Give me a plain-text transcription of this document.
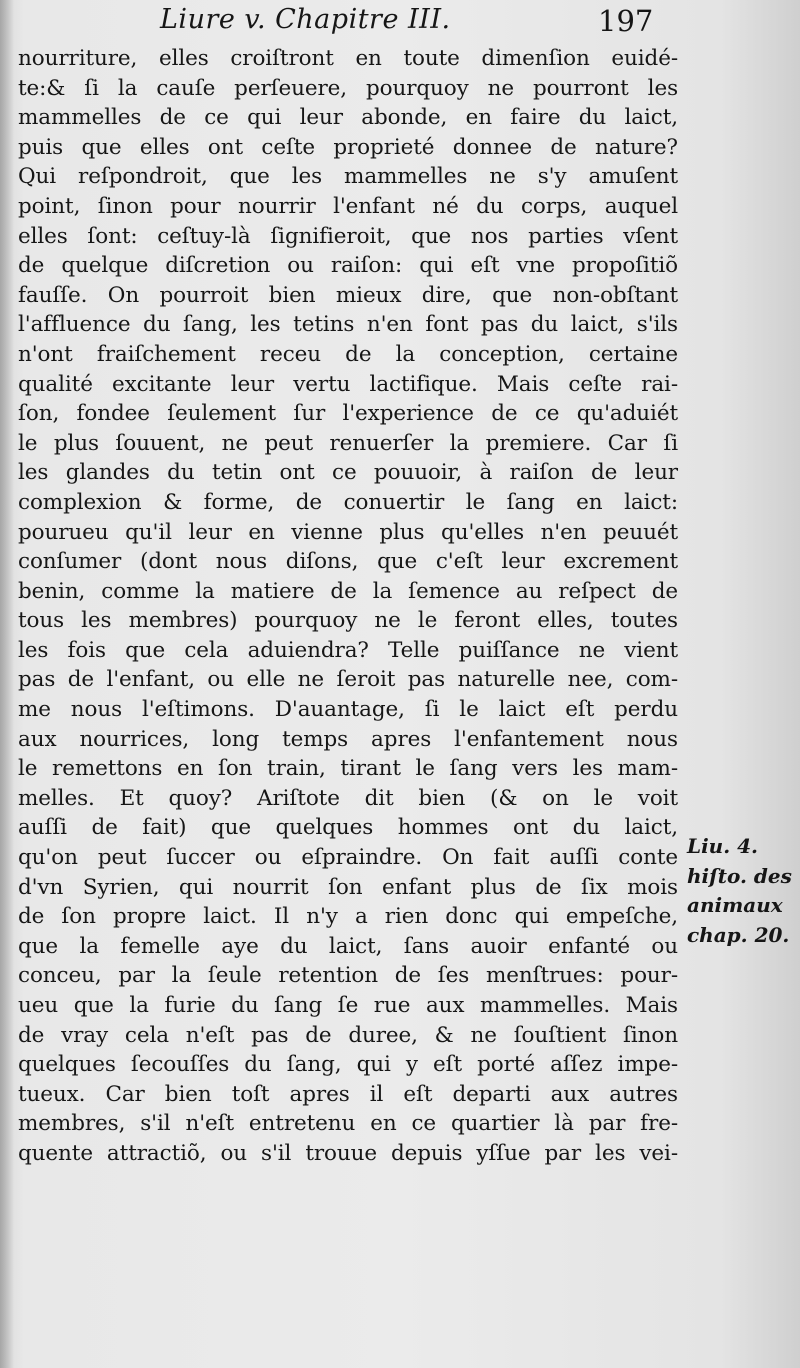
Liure v. Chapitre III.	197
nourriture, elles croiſtront en toute dimenſion euidé-
te:& ſi la cauſe perſeuere, pourquoy ne pourront les
mammelles de ce qui leur abonde, en faire du laict,
puis que elles ont ceſte proprieté donnee de nature?
Qui reſpondroit, que les mammelles ne s'y amuſent
point, ſinon pour nourrir l'enfant né du corps, auquel
elles ſont: ceſtuy-là ſignifieroit, que nos parties vſent
de quelque diſcretion ou raiſon: qui eſt vne propoſitiõ
fauſſe. On pourroit bien mieux dire, que non-obſtant
l'affluence du ſang, les tetins n'en font pas du laict, s'ils
n'ont fraiſchement receu de la conception, certaine
qualité excitante leur vertu lactifique. Mais ceſte rai-
ſon, fondee ſeulement ſur l'experience de ce qu'aduiét
le plus ſouuent, ne peut renuerſer la premiere. Car ſi
les glandes du tetin ont ce pouuoir, à raiſon de leur
complexion & forme, de conuertir le ſang en laict:
pourueu qu'il leur en vienne plus qu'elles n'en peuuét
conſumer (dont nous diſons, que c'eſt leur excrement
benin, comme la matiere de la ſemence au reſpect de
tous les membres) pourquoy ne le feront elles, toutes
les fois que cela aduiendra? Telle puiſſance ne vient
pas de l'enfant, ou elle ne ſeroit pas naturelle nee, com-
me nous l'eſtimons. D'auantage, ſi le laict eſt perdu
aux nourrices, long temps apres l'enfantement nous
le remettons en ſon train, tirant le ſang vers les mam-
melles. Et quoy? Ariſtote dit bien (& on le voit
auſſi de fait) que quelques hommes ont du laict,
qu'on peut ſuccer ou eſpraindre. On fait auſſi conte
d'vn Syrien, qui nourrit ſon enfant plus de ſix mois
de ſon propre laict. Il n'y a rien donc qui empeſche,
que la femelle aye du laict, ſans auoir enfanté ou
conceu, par la ſeule retention de ſes menſtrues: pour-
ueu que la furie du ſang ſe rue aux mammelles. Mais
de vray cela n'eſt pas de duree, & ne ſouſtient ſinon
quelques ſecouſſes du ſang, qui y eſt porté aſſez impe-
tueux. Car bien toſt apres il eſt departi aux autres
membres, s'il n'eſt entretenu en ce quartier là par fre-
quente attractiõ, ou s'il trouue depuis yſſue par les vei-
Liu. 4.
hiſto. des
animaux
chap. 20.
